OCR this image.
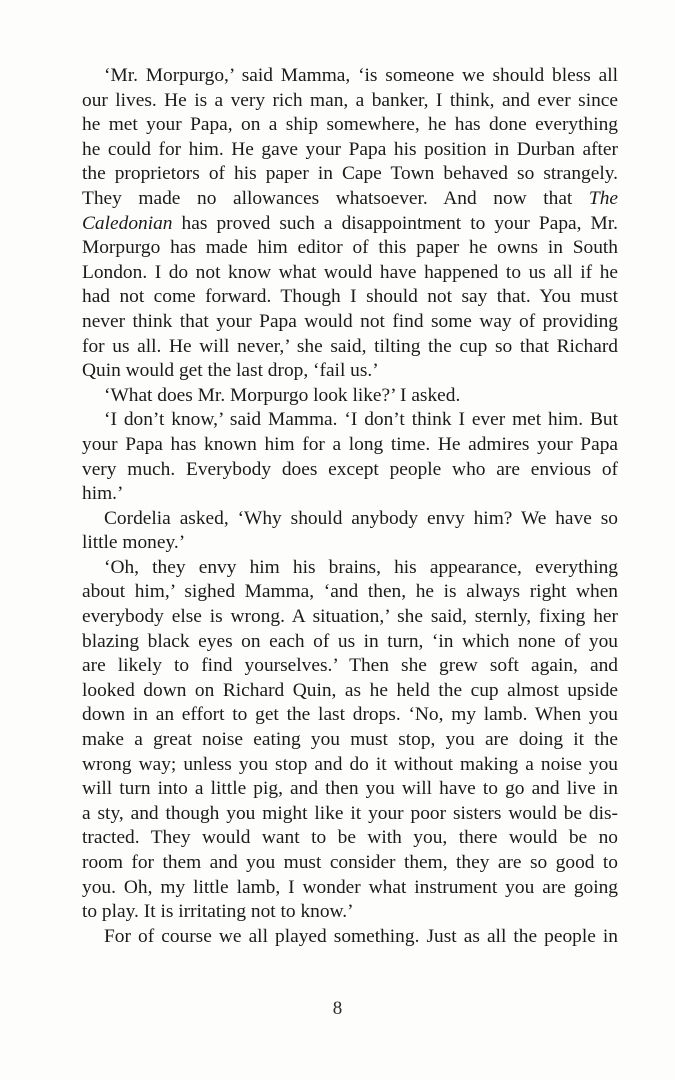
‘Mr. Morpurgo,’ said Mamma, ‘is someone we should bless all
our lives. He is a very rich man, a banker, I think, and ever since
he met your Papa, on a ship somewhere, he has done everything
he could for him. He gave your Papa his position in Durban after
the proprietors of his paper in Cape Town behaved so strangely.
They made no allowances whatsoever. And now that The
Caledonian has proved such a disappointment to your Papa, Mr.
Morpurgo has made him editor of this paper he owns in South
London. I do not know what would have happened to us all if he
had not come forward. Though I should not say that. You must
never think that your Papa would not find some way of providing
for us all. He will never,’ she said, tilting the cup so that Richard
Quin would get the last drop, ‘fail us.’
‘What does Mr. Morpurgo look like?’ I asked.
‘I don’t know,’ said Mamma. ‘I don’t think I ever met him. But
your Papa has known him for a long time. He admires your Papa
very much. Everybody does except people who are envious of
him.’
Cordelia asked, ‘Why should anybody envy him? We have so
little money.’
‘Oh, they envy him his brains, his appearance, everything
about him,’ sighed Mamma, ‘and then, he is always right when
everybody else is wrong. A situation,’ she said, sternly, fixing her
blazing black eyes on each of us in turn, ‘in which none of you
are likely to find yourselves.’ Then she grew soft again, and
looked down on Richard Quin, as he held the cup almost upside
down in an effort to get the last drops. ‘No, my lamb. When you
make a great noise eating you must stop, you are doing it the
wrong way; unless you stop and do it without making a noise you
will turn into a little pig, and then you will have to go and live in
a sty, and though you might like it your poor sisters would be dis-
tracted. They would want to be with you, there would be no
room for them and you must consider them, they are so good to
you. Oh, my little lamb, I wonder what instrument you are going
to play. It is irritating not to know.’
For of course we all played something. Just as all the people in
8
